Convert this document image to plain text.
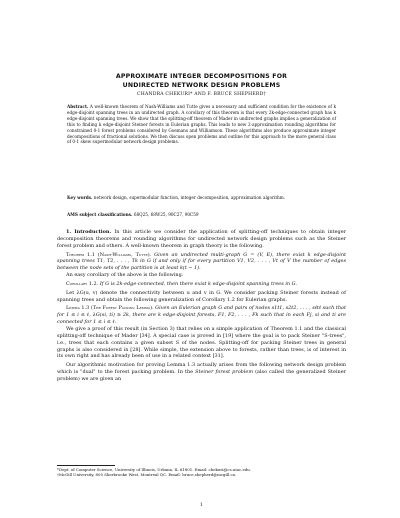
APPROXIMATE INTEGER DECOMPOSITIONS FOR
UNDIRECTED NETWORK DESIGN PROBLEMS
CHANDRA CHEKURI* AND F. BRUCE SHEPHERD†
Abstract. A well-known theorem of Nash-Williams and Tutte gives a necessary and sufficient condition for the existence of k edge-disjoint spanning trees in an undirected graph. A corollary of this theorem is that every 2k-edge-connected graph has k edge-disjoint spanning trees. We show that the splitting-off theorem of Mader in undirected graphs implies a generalization of this to finding k edge-disjoint Steiner forests in Eulerian graphs. This leads to new 2-approximation rounding algorithms for constrained 0-1 forest problems considered by Goemans and Williamson. These algorithms also produce approximate integer decompositions of fractional solutions. We then discuss open problems and outline for this approach to the more general class of 0-1 skew supermodular network design problems.
Key words. network design, supermodular function, integer decomposition, approximation algorithm.
AMS subject classifications. 68Q25, 68W25, 90C27, 90C59

1. Introduction. In this article we consider the application of splitting-off techniques to obtain integer decomposition theorems and rounding algorithms for undirected network design problems such as the Steiner forest problem and others. A well-known theorem in graph theory is the following.

Theorem 1.1 (Nash-Williams, Tutte). Given an undirected multi-graph G = (V, E), there exist k edge-disjoint spanning trees T1, T2, . . . , Tk in G if and only if for every partition V1, V2, . . . , Vt of V the number of edges between the node sets of the partition is at least k(t − 1).

An easy corollary of the above is the following.

Corollary 1.2. If G is 2k-edge-connected, then there exist k edge-disjoint spanning trees in G.

Let λG(u, v) denote the connectivity between u and v in G. We consider packing Steiner forests instead of spanning trees and obtain the following generalization of Corollary 1.2 for Eulerian graphs.

Lemma 1.3 (The Forest Packing Lemma). Given an Eulerian graph G and pairs of nodes s1t1, s2t2, . . . , sℓtℓ such that for 1 ≤ i ≤ ℓ, λG(si, ti) ≥ 2k, there are k edge-disjoint forests, F1, F2, . . . , Fk such that in each Fj, si and ti are connected for 1 ≤ i ≤ ℓ.

We give a proof of this result (in Section 3) that relies on a simple application of Theorem 1.1 and the classical splitting-off technique of Mader [34]. A special case is proved in [19] where the goal is to pack Steiner "S-trees", i.e., trees that each contains a given subset S of the nodes. Splitting-off for packing Steiner trees in general graphs is also considered in [28]. While simple, the extension above to forests, rather than trees, is of interest in its own right and has already been of use in a related context [31].

Our algorithmic motivation for proving Lemma 1.3 actually arises from the following network design problem which is "dual" to the forest packing problem. In the Steiner forest problem (also called the generalized Steiner problem) we are given an

*Dept. of Computer Science, University of Illinois, Urbana, IL 61801. Email: chekuri@cs.uiuc.edu.

†McGill University, 805 Sherbrooke West, Montreal QC. Email: bruce.shepherd@mcgill.ca.

1
